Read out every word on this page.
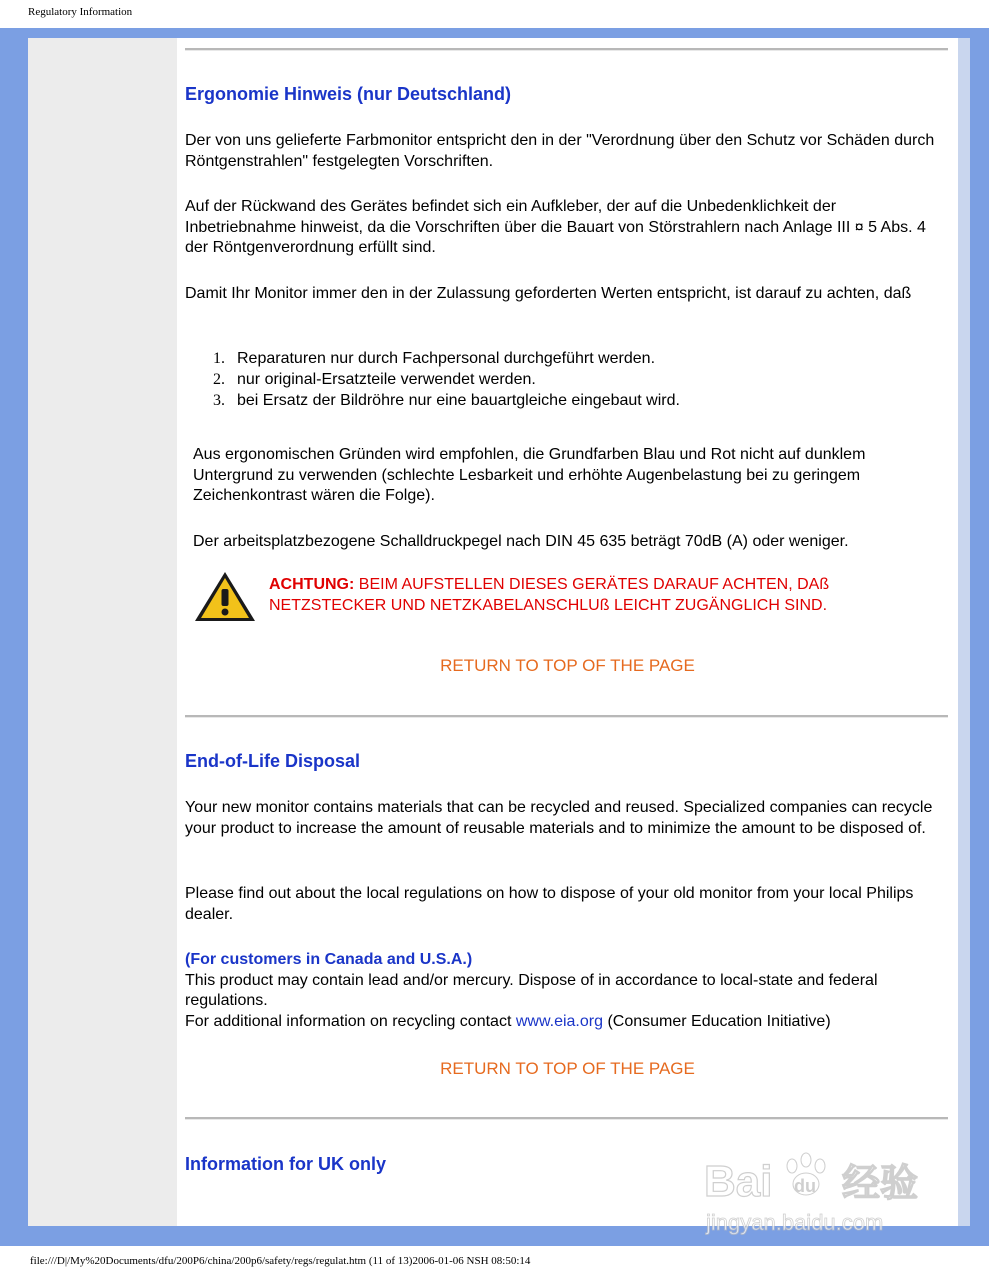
Regulatory Information
Ergonomie Hinweis (nur Deutschland)

Der von uns gelieferte Farbmonitor entspricht den in der "Verordnung über den Schutz vor Schäden durch Röntgenstrahlen" festgelegten Vorschriften.

Auf der Rückwand des Gerätes befindet sich ein Aufkleber, der auf die Unbedenklichkeit der Inbetriebnahme hinweist, da die Vorschriften über die Bauart von Störstrahlern nach Anlage III ¤ 5 Abs. 4 der Röntgenverordnung erfüllt sind.

Damit Ihr Monitor immer den in der Zulassung geforderten Werten entspricht, ist darauf zu achten, daß

1. Reparaturen nur durch Fachpersonal durchgeführt werden.
2. nur original-Ersatzteile verwendet werden.
3. bei Ersatz der Bildröhre nur eine bauartgleiche eingebaut wird.

Aus ergonomischen Gründen wird empfohlen, die Grundfarben Blau und Rot nicht auf dunklem Untergrund zu verwenden (schlechte Lesbarkeit und erhöhte Augenbelastung bei zu geringem Zeichenkontrast wären die Folge).

Der arbeitsplatzbezogene Schalldruckpegel nach DIN 45 635 beträgt 70dB (A) oder weniger.

ACHTUNG: BEIM AUFSTELLEN DIESES GERÄTES DARAUF ACHTEN, DAß NETZSTECKER UND NETZKABELANSCHLUß LEICHT ZUGÄNGLICH SIND.
RETURN TO TOP OF THE PAGE
End-of-Life Disposal

Your new monitor contains materials that can be recycled and reused. Specialized companies can recycle your product to increase the amount of reusable materials and to minimize the amount to be disposed of.

Please find out about the local regulations on how to dispose of your old monitor from your local Philips dealer.

(For customers in Canada and U.S.A.)
This product may contain lead and/or mercury. Dispose of in accordance to local-state and federal regulations.
For additional information on recycling contact www.eia.org (Consumer Education Initiative)

RETURN TO TOP OF THE PAGE
Information for UK only	Bai du 经验
jingyan.baidu.com
file:///D|/My%20Documents/dfu/200P6/china/200p6/safety/regs/regulat.htm (11 of 13)2006-01-06 NSH 08:50:14
